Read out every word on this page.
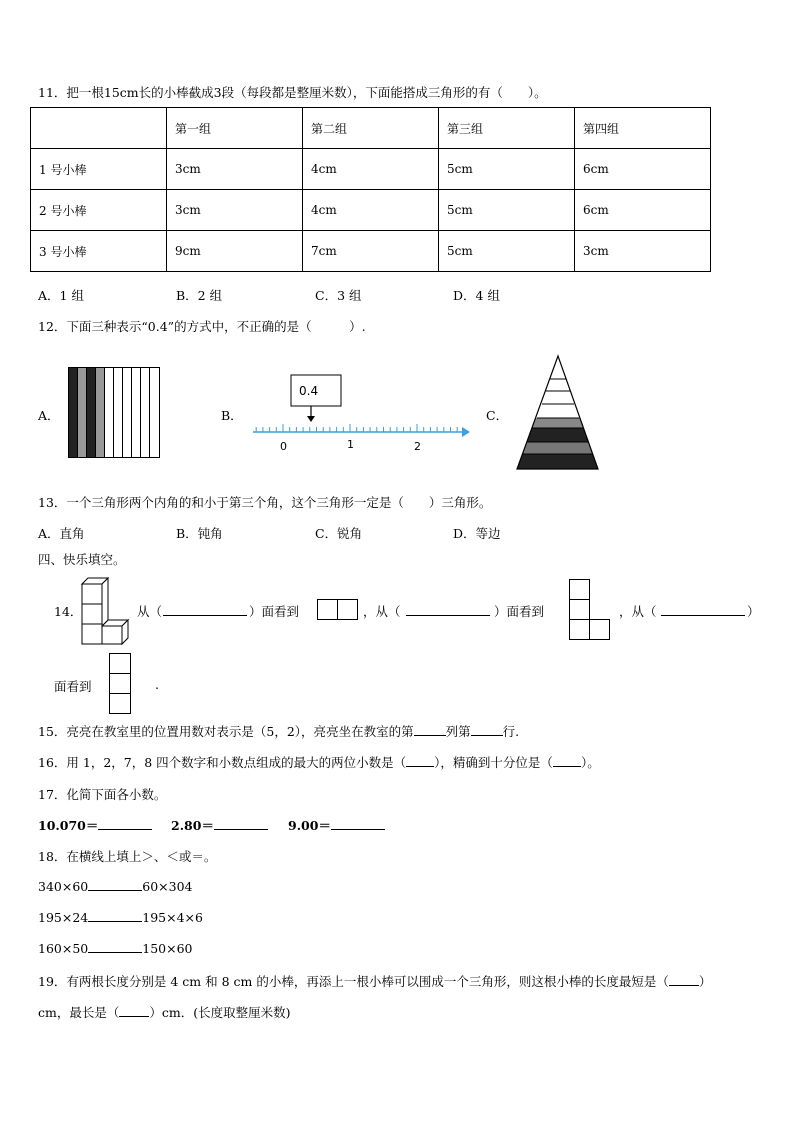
11．把一根15cm长的小棒截成3段（每段都是整厘米数），下面能搭成三角形的有（　　）。
	第一组	第二组	第三组	第四组
1 号小棒	3cm	4cm	5cm	6cm
2 号小棒	3cm	4cm	5cm	6cm
3 号小棒	9cm	7cm	5cm	3cm
A．1 组	B．2 组	C．3 组	D．4 组
12．下面三种表示“0.4”的方式中，不正确的是（　　　）.
A．	B．
0.4
0	1	2
C．
13．一个三角形两个内角的和小于第三个角，这个三角形一定是（　　）三角形。
A．直角	B．钝角	C．锐角	D．等边
四、快乐填空。
14．	从（	）面看到	，从（	）面看到	，从（	）
面看到	.
15．亮亮在教室里的位置用数对表示是（5，2），亮亮坐在教室的第	列第	行.
16．用 1，2，7，8 四个数字和小数点组成的最大的两位小数是（ ），精确到十分位是（ ）。
17．化简下面各小数。
10.070＝	2.80＝	9.00＝
18．在横线上填上＞、＜或＝。
340×60	60×304
195×24	195×4×6
160×50	150×60
19．有两根长度分别是 4 cm 和 8 cm 的小棒，再添上一根小棒可以围成一个三角形，则这根小棒的长度最短是（ ）
cm，最长是（ ）cm．(长度取整厘米数)
